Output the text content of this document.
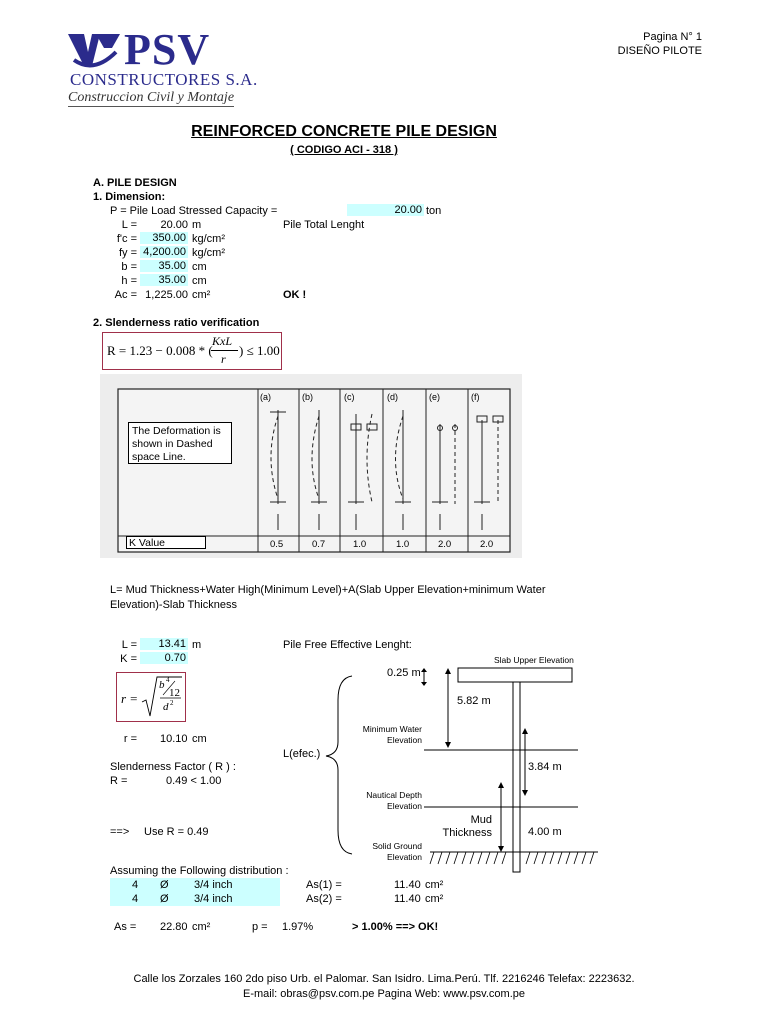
PSV
CONSTRUCTORES S.A.
Construccion Civil y Montaje
Pagina N° 1
DISEÑO PILOTE
REINFORCED CONCRETE PILE DESIGN
( CODIGO ACI - 318 )
A. PILE DESIGN
1. Dimension:
P = Pile Load Stressed Capacity =	20.00 ton
L =	20.00 m	Pile Total Lenght
f'c =	350.00 kg/cm²
fy = 4,200.00 kg/cm²
b =	35.00 cm
h =	35.00 cm
Ac = 1,225.00 cm²	OK !
2. Slenderness ratio verification
R = 1.23 − 0.008 * (
KxL
r
) ≤ 1.00
(a)	(b)	(c)	(d)	(e)	(f)
0.5	0.7	1.0	1.0	2.0	2.0
The Deformation is shown in Dashed space Line.
K Value
L= Mud Thickness+Water High(Minimum Level)+A(Slab Upper Elevation+minimum Water Elevation)-Slab Thickness
L =	13.41 m
K =	0.70
r =
b 4
12
d 2
r = 10.10 cm
Slenderness Factor ( R ) :
R =	0.49 < 1.00
==> Use R = 0.49
Assuming the Following distribution :
4 Ø 3/4 inch	As(1) =	11.40 cm²
4 Ø 3/4 inch	As(2) =	11.40 cm²
As = 22.80 cm²	p = 1.97%	> 1.00% ==> OK!
Pile Free Effective Lenght:
Slab Upper Elevation
0.25 m
5.82 m
Minimum Water Elevation
L(efec.)
3.84 m
Nautical Depth Elevation
Mud Thickness	4.00 m
Solid Ground Elevation
Calle los Zorzales 160 2do piso Urb. el Palomar. San Isidro. Lima.Perú. Tlf. 2216246 Telefax: 2223632.
E-mail: obras@psv.com.pe Pagina Web: www.psv.com.pe
